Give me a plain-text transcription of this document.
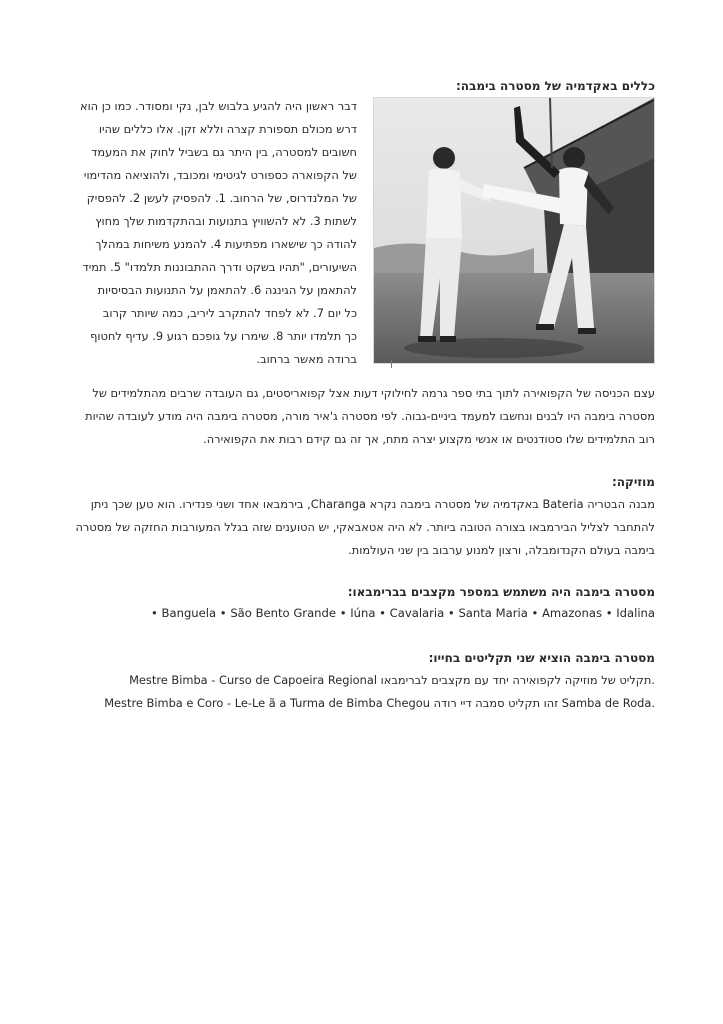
כללים באקדמיה של מסטרה בימבה:
דבר ראשון היה להגיע בלבוש לבן, נקי ומסודר. כמו כן הוא
דרש מכולם תספורת קצרה וללא זקן. אלו כללים שהיו
חשובים למסטרה, בין היתר גם בשביל לחוק את המעמד
של הקפוארה כספורט לגיטימי ומכובד, ולהוציאה מהדימוי
של המלנדרוס, של הרחוב. 1. להפסיק לעשן 2. להפסיק
לשתות 3. לא להשוויץ בתנועות ובהתקדמות שלך מחוץ
להודה כך שישארו מפתיעות 4. להמנע משיחות במהלך
השיעורים, "תהיו בשקט ודרך ההתבוננות תלמדו" 5. תמיד
להתאמן על הגינגה 6. להתאמן על התנועות הבסיסיות
כל יום 7. לא לפחד להתקרב ליריב, כמה שיותר קרוב
כך תלמדו יותר 8. שימרו על גופכם רגוע 9. עדיף לחטוף
ברודה מאשר ברחוב.
עצם הכניסה של הקפואירה לתוך בתי ספר גרמה לחילוקי דעות אצל קפואריסטים, גם העובדה שרבים מהתלמידים של
מסטרה בימבה היו לבנים ונחשבו למעמד ביניים-גבוה. לפי מסטרה ג'איר מורה, מסטרה בימבה היה מודע לעובדה שהיות
רוב התלמידים שלו סטודנטים או אנשי מקצוע יצרה מתח, אך זה גם קידם רבות את הקפואירה.
מוזיקה:
מבנה הבטריה Bateria באקדמיה של מסטרה בימבה נקרא Charanga, בירמבאו אחד ושני פנדירו. הוא טען שכך ניתן
להתחבר לצליל הבירמבאו בצורה הטובה ביותר. לא היה אטאבאקי, יש הטוענים שזה בגלל המעורבות החזקה של מסטרה
בימבה בעולם הקנדומבלה, ורצון למנוע ערבוב בין שני העולמות.
מסטרה בימבה היה משתמש במספר מקצבים בברימבאו:
• Banguela • São Bento Grande • Iúna • Cavalaria • Santa Maria • Amazonas • Idalina
מסטרה בימבה הוציא שני תקליטים בחייו:
Mestre Bimba - Curso de Capoeira Regional תקליט של מוזיקה לקפואירה יחד עם מקצבים לברימבאו.
Mestre Bimba e Coro - Le-Le ã a Turma de Bimba Chegou זהו תקליט סמבה דיי רודה Samba de Roda.
